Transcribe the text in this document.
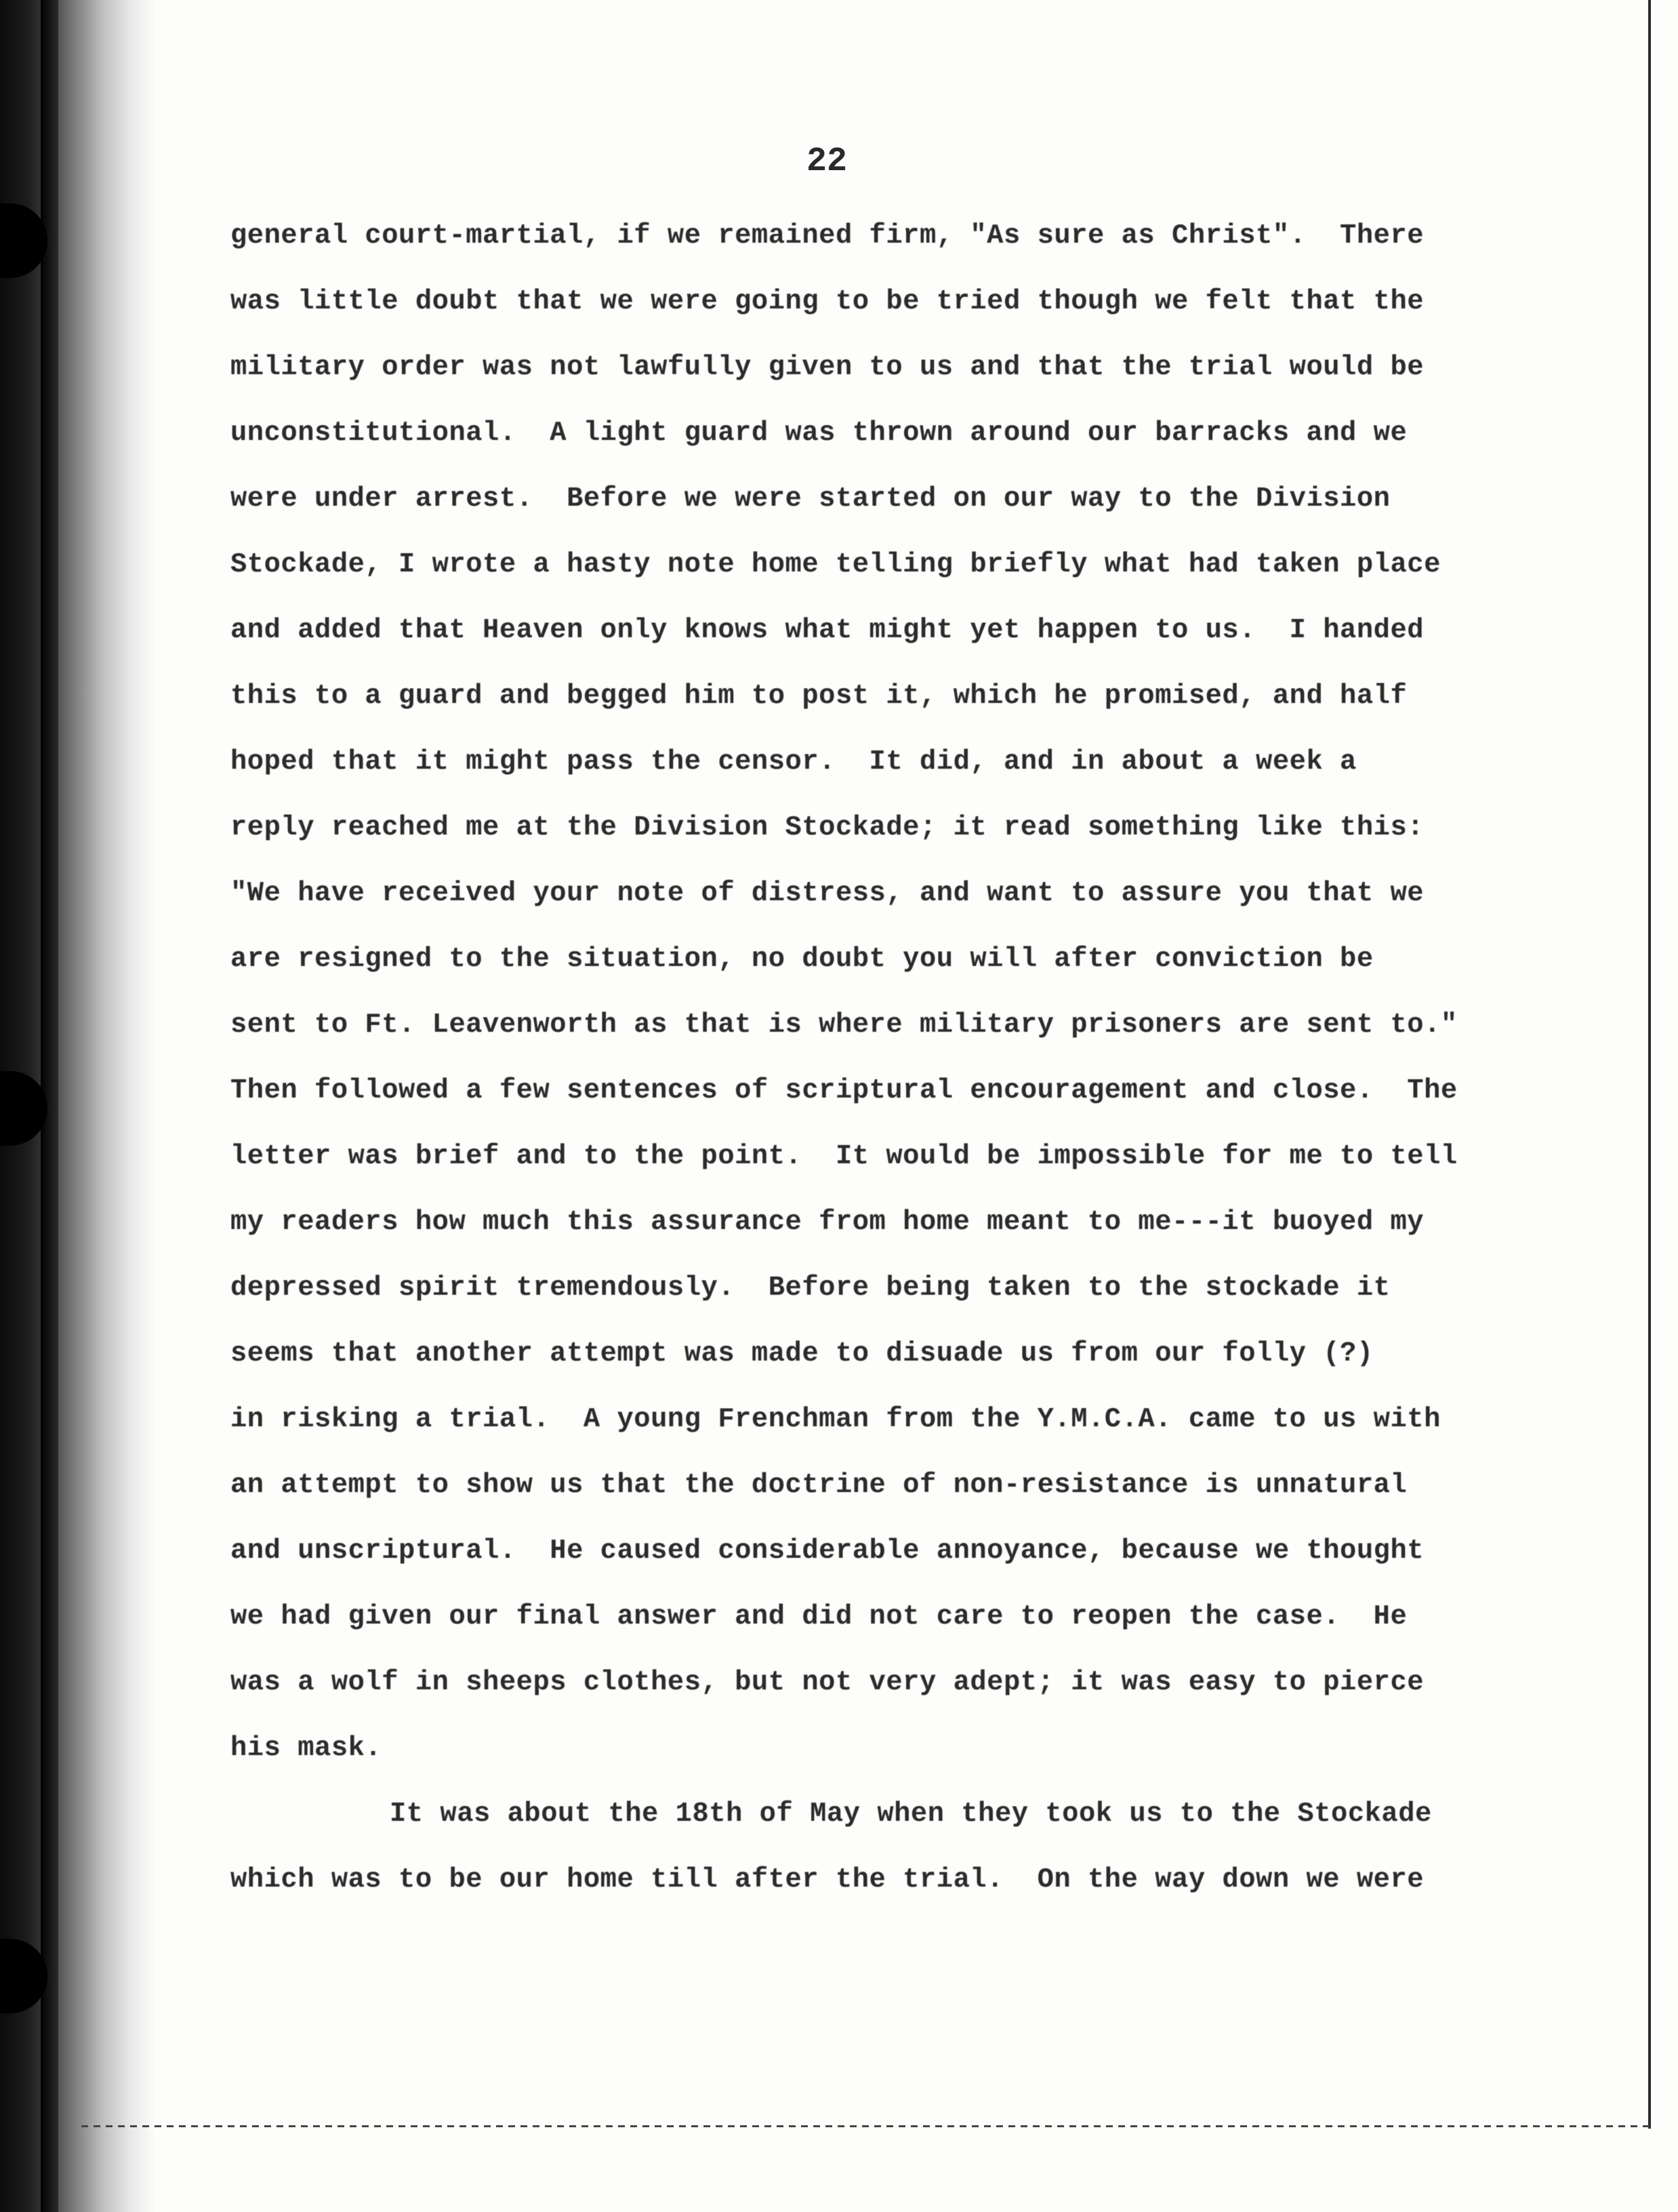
22
general court-martial, if we remained firm, "As sure as Christ".  There
was little doubt that we were going to be tried though we felt that the
military order was not lawfully given to us and that the trial would be
unconstitutional.  A light guard was thrown around our barracks and we
were under arrest.  Before we were started on our way to the Division
Stockade, I wrote a hasty note home telling briefly what had taken place
and added that Heaven only knows what might yet happen to us.  I handed
this to a guard and begged him to post it, which he promised, and half
hoped that it might pass the censor.  It did, and in about a week a
reply reached me at the Division Stockade; it read something like this:
"We have received your note of distress, and want to assure you that we
are resigned to the situation, no doubt you will after conviction be
sent to Ft. Leavenworth as that is where military prisoners are sent to."
Then followed a few sentences of scriptural encouragement and close.  The
letter was brief and to the point.  It would be impossible for me to tell
my readers how much this assurance from home meant to me---it buoyed my
depressed spirit tremendously.  Before being taken to the stockade it
seems that another attempt was made to disuade us from our folly (?)
in risking a trial.  A young Frenchman from the Y.M.C.A. came to us with
an attempt to show us that the doctrine of non-resistance is unnatural
and unscriptural.  He caused considerable annoyance, because we thought
we had given our final answer and did not care to reopen the case.  He
was a wolf in sheeps clothes, but not very adept; it was easy to pierce
his mask.
It was about the 18th of May when they took us to the Stockade
which was to be our home till after the trial.  On the way down we were
